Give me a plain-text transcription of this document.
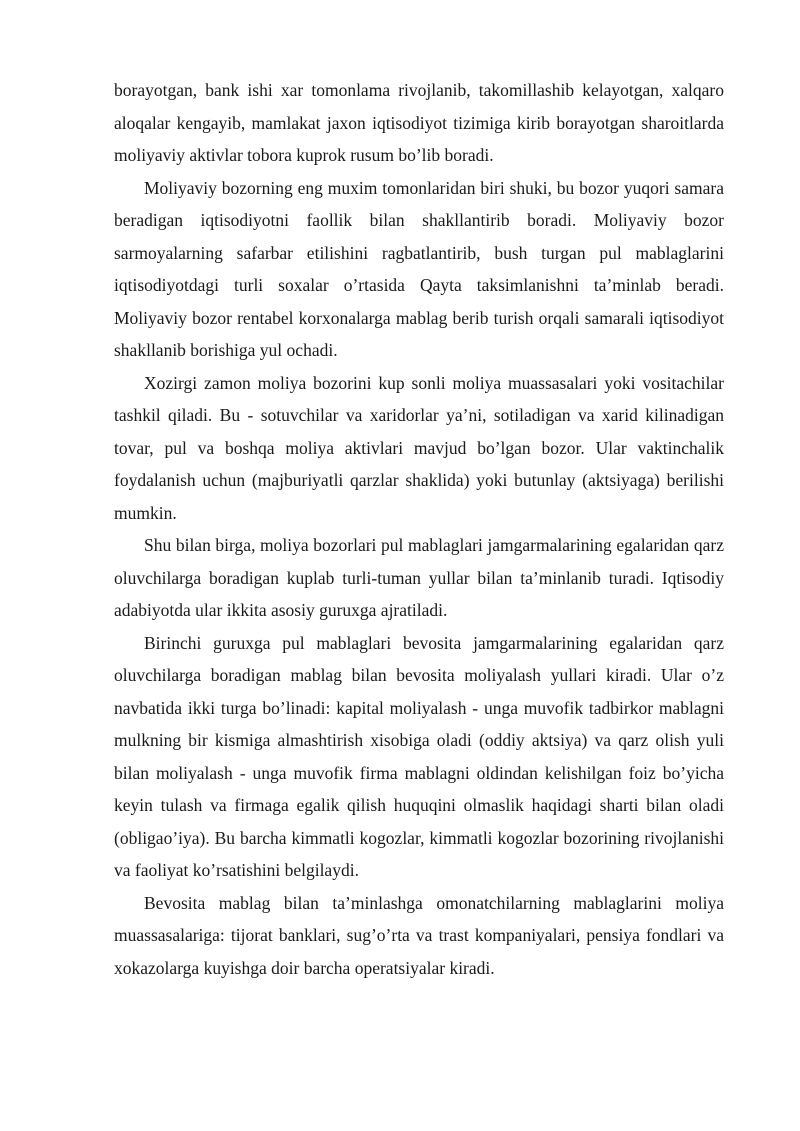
borayotgan, bank ishi xar tomonlama rivojlanib, takomillashib kelayotgan, xalqaro aloqalar kengayib, mamlakat jaxon iqtisodiyot tizimiga kirib borayotgan sharoitlarda moliyaviy aktivlar tobora kuprok rusum bo’lib boradi.

Moliyaviy bozorning eng muxim tomonlaridan biri shuki, bu bozor yuqori samara beradigan iqtisodiyotni faollik bilan shakllantirib boradi. Moliyaviy bozor sarmoyalarning safarbar etilishini ragbatlantirib, bush turgan pul mablaglarini iqtisodiyotdagi turli soxalar o’rtasida Qayta taksimlanishni ta’minlab beradi. Moliyaviy bozor rentabel korxonalarga mablag berib turish orqali samarali iqtisodiyot shakllanib borishiga yul ochadi.

Xozirgi zamon moliya bozorini kup sonli moliya muassasalari yoki vositachilar tashkil qiladi. Bu - sotuvchilar va xaridorlar ya’ni, sotiladigan va xarid kilinadigan tovar, pul va boshqa moliya aktivlari mavjud bo’lgan bozor. Ular vaktinchalik foydalanish uchun (majburiyatli qarzlar shaklida) yoki butunlay (aktsiyaga) berilishi mumkin.

Shu bilan birga, moliya bozorlari pul mablaglari jamgarmalarining egalaridan qarz oluvchilarga boradigan kuplab turli-tuman yullar bilan ta’minlanib turadi. Iqtisodiy adabiyotda ular ikkita asosiy guruxga ajratiladi.

Birinchi guruxga pul mablaglari bevosita jamgarmalarining egalaridan qarz oluvchilarga boradigan mablag bilan bevosita moliyalash yullari kiradi. Ular o’z navbatida ikki turga bo’linadi: kapital moliyalash - unga muvofik tadbirkor mablagni mulkning bir kismiga almashtirish xisobiga oladi (oddiy aktsiya) va qarz olish yuli bilan moliyalash - unga muvofik firma mablagni oldindan kelishilgan foiz bo’yicha keyin tulash va firmaga egalik qilish huquqini olmaslik haqidagi sharti bilan oladi (obligao’iya). Bu barcha kimmatli kogozlar, kimmatli kogozlar bozorining rivojlanishi va faoliyat ko’rsatishini belgilaydi.

Bevosita mablag bilan ta’minlashga omonatchilarning mablaglarini moliya muassasalariga: tijorat banklari, sug’o’rta va trast kompaniyalari, pensiya fondlari va xokazolarga kuyishga doir barcha operatsiyalar kiradi.
